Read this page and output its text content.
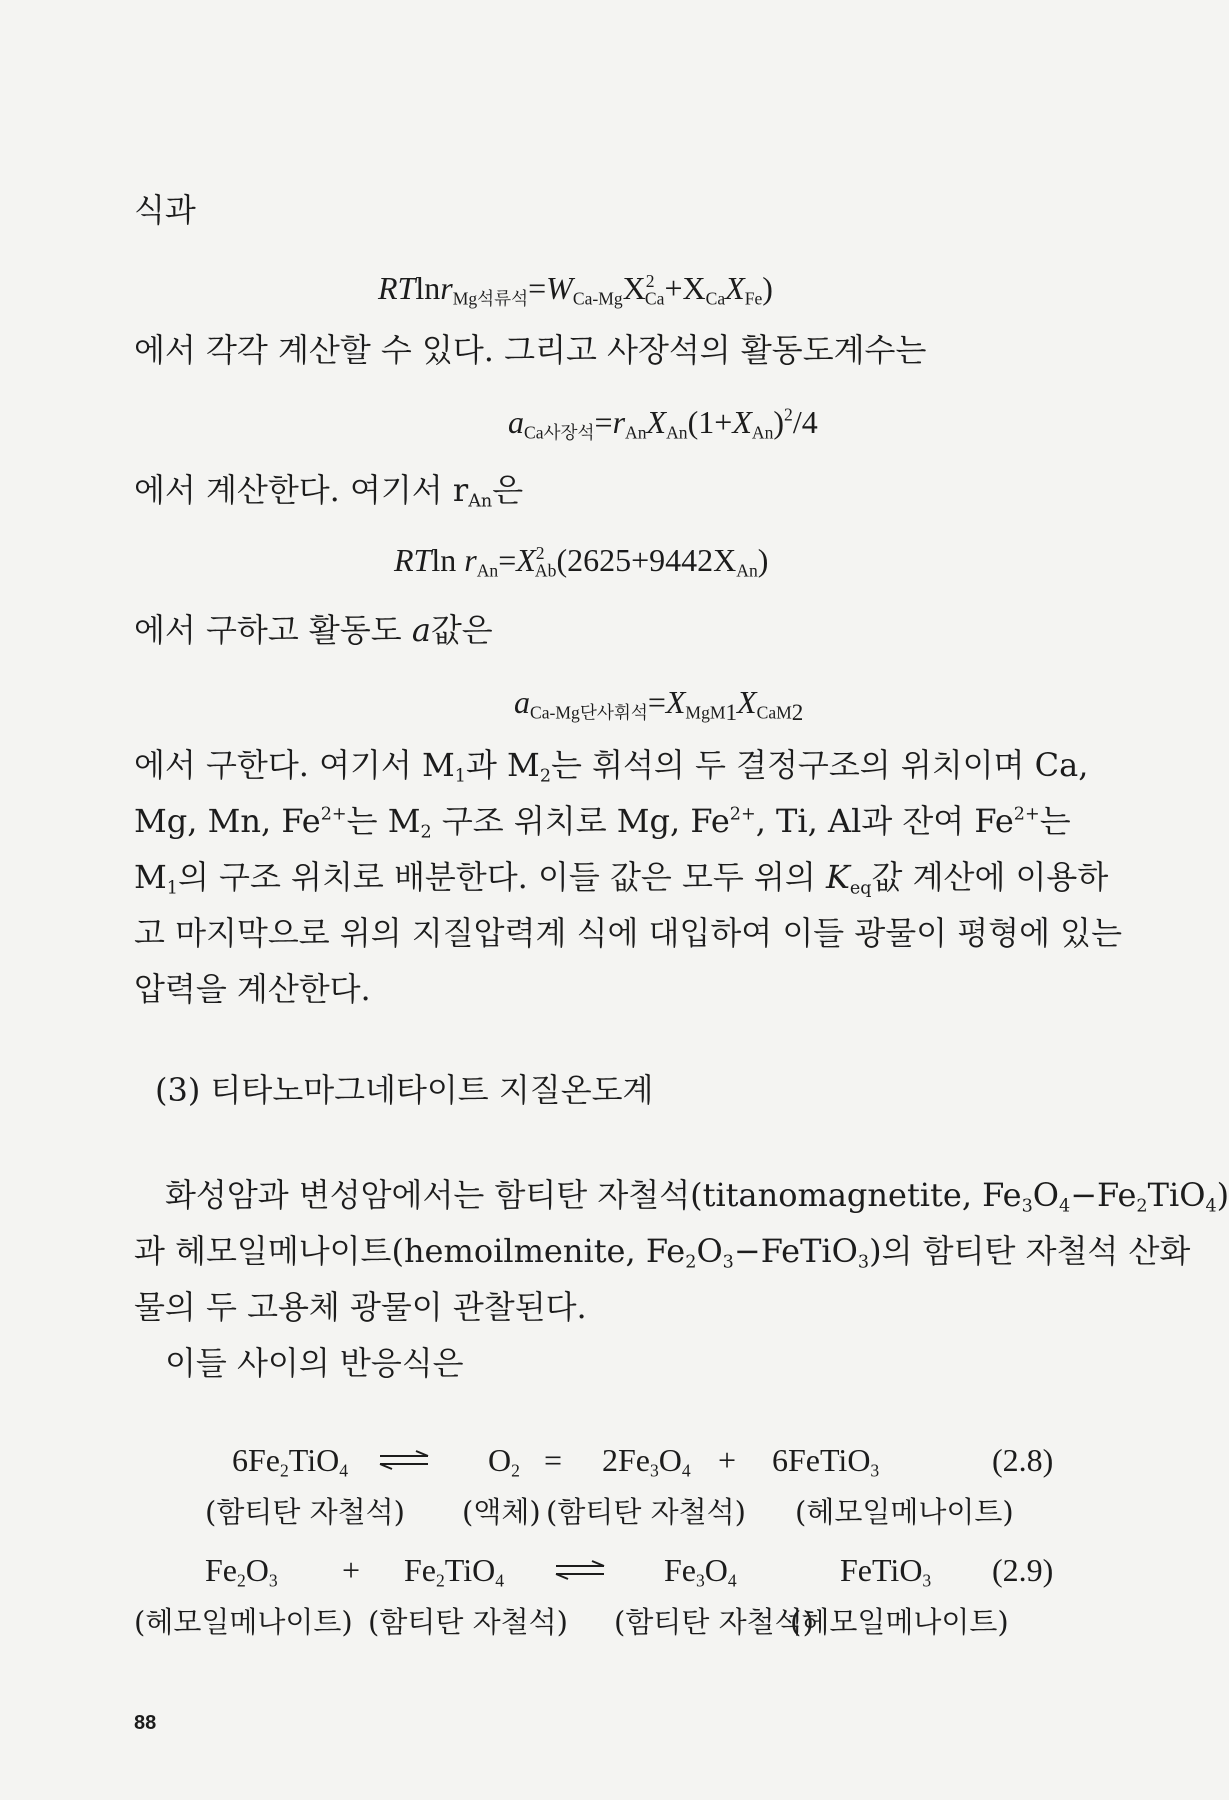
식과
$RTlnr_{Mg석류석}=W_{Ca-Mg}X^2_{Ca}+X_{Ca}X_{Fe}$)
에서 각각 계산할 수 있다. 그리고 사장석의 활동도계수는
$a_{Ca사장석}=r_{An}X_{An}(1+X_{An})^2/4$
에서 계산한다. 여기서 $r_{An}$은
RTln $r_{An}=X^2_{Ab}(2625+9442X_{An})$
에서 구하고 활동도 a값은
$a_{Ca-Mg단사휘석}=X_{MgM1}X_{CaM2}$
에서 구한다. 여기서 $M_1$과 $M_2$는 휘석의 두 결정구조의 위치이며 Ca,
Mg, Mn, $Fe^{2+}$는 $M_2$ 구조 위치로 Mg, $Fe^{2+}$, Ti, Al과 잔여 $Fe^{2+}$는
$M_1$의 구조 위치로 배분한다. 이들 값은 모두 위의 $K_{eq}$값 계산에 이용하
고 마지막으로 위의 지질압력계 식에 대입하여 이들 광물이 평형에 있는
압력을 계산한다.
(3) 티타노마그네타이트 지질온도계
화성암과 변성암에서는 함티탄 자철석(titanomagnetite, $Fe_3O_4-Fe_2TiO_4$)
과 헤모일메나이트(hemoilmenite, $Fe_2O_3-FeTiO_3$)의 함티탄 자철석 산화
물의 두 고용체 광물이 관찰된다.
이들 사이의 반응식은
$6Fe_2TiO_4$	$O_2 = 2Fe_3O_4$ + 6FeTiO$_3$	(2.8)
(함티탄 자철석) (액체) (함티탄 자철석) (헤모일메나이트)
$Fe_2O_3 + Fe_2TiO_4$	$Fe_3O_4$	FeTiO$_3$ (2.9)
(헤모일메나이트) (함티탄 자철석) (함티탄 자철석)
(헤모일메나이트)
88
